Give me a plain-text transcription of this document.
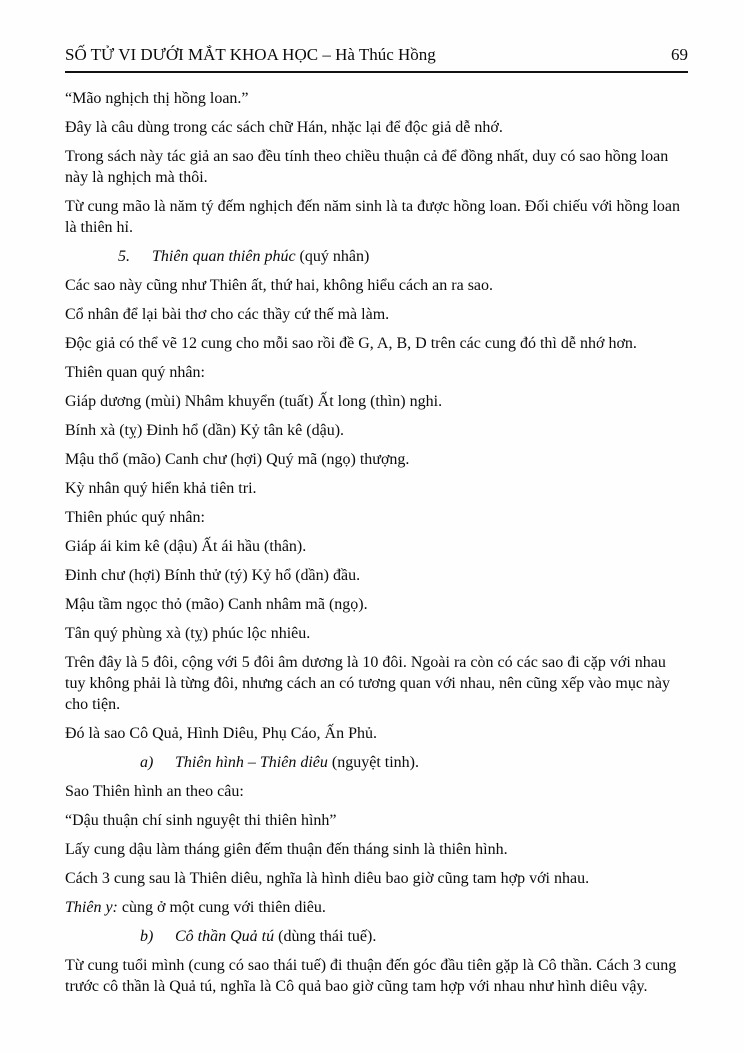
SỐ TỬ VI DƯỚI MẮT KHOA HỌC – Hà Thúc Hồng	69

“Mão nghịch thị hồng loan.”

Đây là câu dùng trong các sách chữ Hán, nhặc lại để độc giả dễ nhớ.

Trong sách này tác giả an sao đều tính theo chiều thuận cả để đồng nhất, duy có sao hồng loan này là nghịch mà thôi.

Từ cung mão là năm tý đếm nghịch đến năm sinh là ta được hồng loan. Đối chiếu với hồng loan là thiên hỉ.

5.	Thiên quan thiên phúc (quý nhân)

Các sao này cũng như Thiên ất, thứ hai, không hiểu cách an ra sao.

Cổ nhân để lại bài thơ cho các thầy cứ thế mà làm.

Độc giả có thể vẽ 12 cung cho mỗi sao rồi đề G, A, B, D trên các cung đó thì dễ nhớ hơn.

Thiên quan quý nhân:

Giáp dương (mùi) Nhâm khuyển (tuất) Ất long (thìn) nghi.

Bính xà (tỵ) Đinh hổ (dần) Kỷ tân kê (dậu).

Mậu thổ (mão) Canh chư (hợi) Quý mã (ngọ) thượng.

Kỳ nhân quý hiển khả tiên tri.

Thiên phúc quý nhân:

Giáp ái kim kê (dậu) Ất ái hầu (thân).

Đinh chư (hợi) Bính thử (tý) Kỷ hổ (dần) đầu.

Mậu tầm ngọc thỏ (mão) Canh nhâm mã (ngọ).

Tân quý phùng xà (tỵ) phúc lộc nhiêu.

Trên đây là 5 đôi, cộng với 5 đôi âm dương là 10 đôi. Ngoài ra còn có các sao đi cặp với nhau tuy không phải là từng đôi, nhưng cách an có tương quan với nhau, nên cũng xếp vào mục này cho tiện.

Đó là sao Cô Quả, Hình Diêu, Phụ Cáo, Ấn Phủ.

a)	Thiên hình – Thiên diêu (nguyệt tinh).

Sao Thiên hình an theo câu:

“Dậu thuận chí sinh nguyệt thi thiên hình”

Lấy cung dậu làm tháng giên đếm thuận đến tháng sinh là thiên hình.

Cách 3 cung sau là Thiên diêu, nghĩa là hình diêu bao giờ cũng tam hợp với nhau.

Thiên y: cùng ở một cung với thiên diêu.

b)	Cô thần Quả tú (dùng thái tuế).

Từ cung tuổi mình (cung có sao thái tuế) đi thuận đến góc đầu tiên gặp là Cô thần. Cách 3 cung trước cô thần là Quả tú, nghĩa là Cô quả bao giờ cũng tam hợp với nhau như hình diêu vậy.
